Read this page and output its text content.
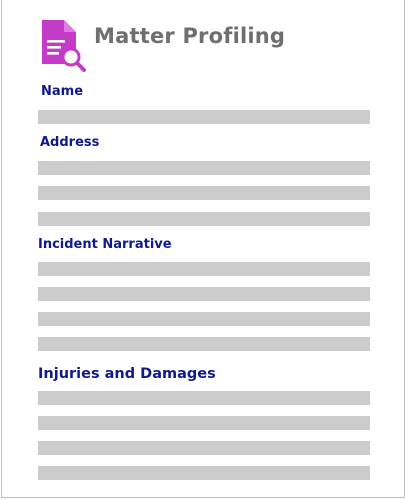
Matter Profiling
Name
Address
Incident Narrative
Injuries and Damages
